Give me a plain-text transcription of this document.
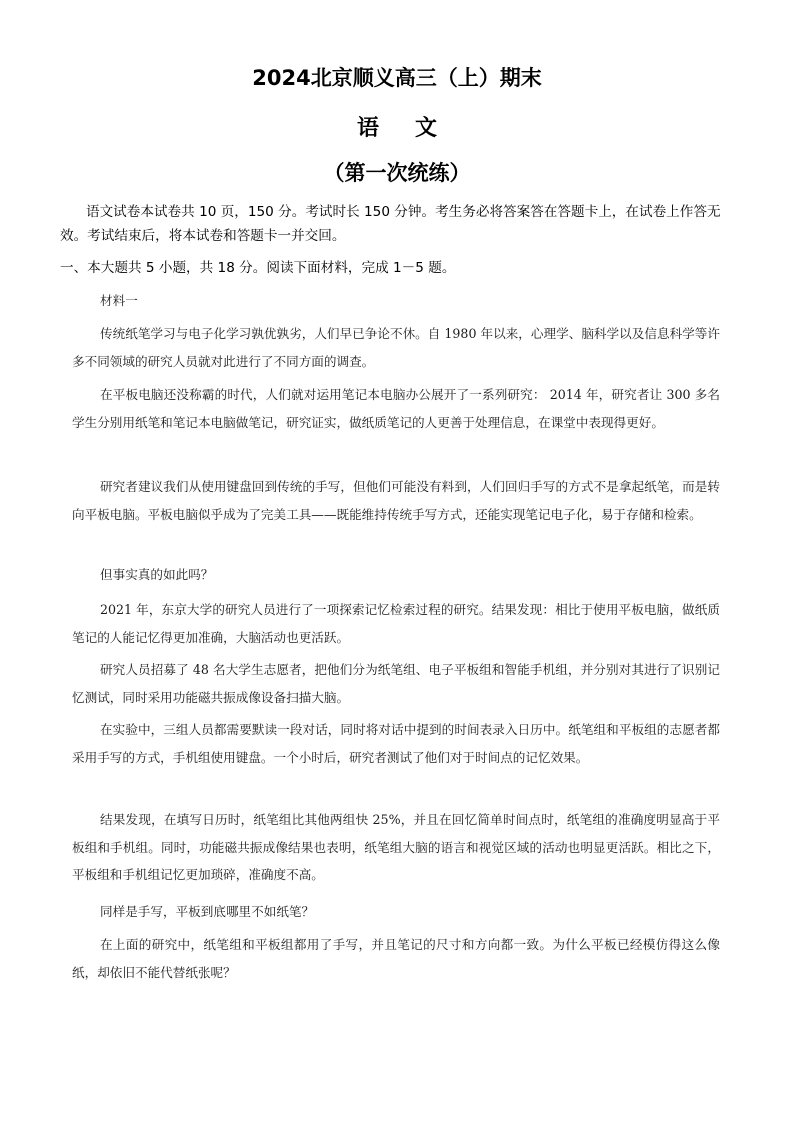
2024北京顺义高三（上）期末
语文
（第一次统练）
语文试卷本试卷共 10 页，150 分。考试时长 150 分钟。考生务必将答案答在答题卡上，在试卷上作答无效。考试结束后，将本试卷和答题卡一并交回。
一、本大题共 5 小题，共 18 分。阅读下面材料，完成 1－5 题。
材料一
传统纸笔学习与电子化学习孰优孰劣，人们早已争论不休。自 1980 年以来，心理学、脑科学以及信息科学等许多不同领域的研究人员就对此进行了不同方面的调查。
在平板电脑还没称霸的时代，人们就对运用笔记本电脑办公展开了一系列研究： 2014 年，研究者让 300 多名学生分别用纸笔和笔记本电脑做笔记，研究证实，做纸质笔记的人更善于处理信息，在课堂中表现得更好。
研究者建议我们从使用键盘回到传统的手写，但他们可能没有料到，人们回归手写的方式不是拿起纸笔，而是转向平板电脑。平板电脑似乎成为了完美工具——既能维持传统手写方式，还能实现笔记电子化，易于存储和检索。
但事实真的如此吗？
2021 年，东京大学的研究人员进行了一项探索记忆检索过程的研究。结果发现：相比于使用平板电脑，做纸质笔记的人能记忆得更加准确，大脑活动也更活跃。
研究人员招募了 48 名大学生志愿者，把他们分为纸笔组、电子平板组和智能手机组，并分别对其进行了识别记忆测试，同时采用功能磁共振成像设备扫描大脑。
在实验中，三组人员都需要默读一段对话，同时将对话中提到的时间表录入日历中。纸笔组和平板组的志愿者都采用手写的方式，手机组使用键盘。一个小时后，研究者测试了他们对于时间点的记忆效果。
结果发现，在填写日历时，纸笔组比其他两组快 25%，并且在回忆简单时间点时，纸笔组的准确度明显高于平板组和手机组。同时，功能磁共振成像结果也表明，纸笔组大脑的语言和视觉区域的活动也明显更活跃。相比之下，平板组和手机组记忆更加琐碎，准确度不高。
同样是手写，平板到底哪里不如纸笔？
在上面的研究中，纸笔组和平板组都用了手写，并且笔记的尺寸和方向都一致。为什么平板已经模仿得这么像纸，却依旧不能代替纸张呢？
